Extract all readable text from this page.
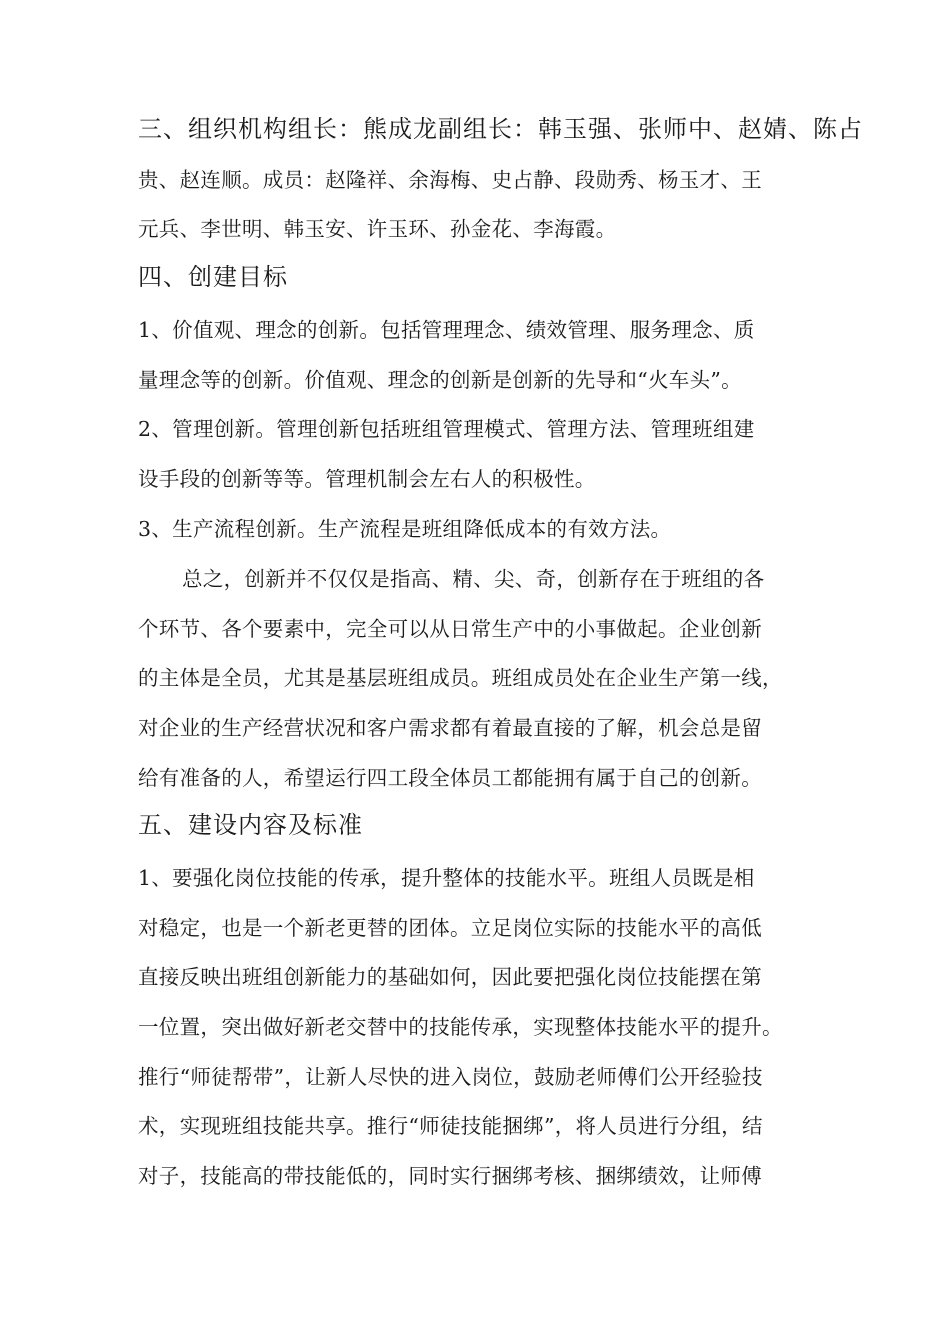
三、组织机构组长：熊成龙副组长：韩玉强、张师中、赵婧、陈占
贵、赵连顺。成员：赵隆祥、余海梅、史占静、段勋秀、杨玉才、王
元兵、李世明、韩玉安、许玉环、孙金花、李海霞。
四、创建目标
1、价值观、理念的创新。包括管理理念、绩效管理、服务理念、质
量理念等的创新。价值观、理念的创新是创新的先导和“火车头”。
2、管理创新。管理创新包括班组管理模式、管理方法、管理班组建
设手段的创新等等。管理机制会左右人的积极性。
3、生产流程创新。生产流程是班组降低成本的有效方法。
总之，创新并不仅仅是指高、精、尖、奇，创新存在于班组的各
个环节、各个要素中，完全可以从日常生产中的小事做起。企业创新
的主体是全员，尤其是基层班组成员。班组成员处在企业生产第一线，
对企业的生产经营状况和客户需求都有着最直接的了解，机会总是留
给有准备的人，希望运行四工段全体员工都能拥有属于自己的创新。
五、建设内容及标准
1、要强化岗位技能的传承，提升整体的技能水平。班组人员既是相
对稳定，也是一个新老更替的团体。立足岗位实际的技能水平的高低
直接反映出班组创新能力的基础如何，因此要把强化岗位技能摆在第
一位置，突出做好新老交替中的技能传承，实现整体技能水平的提升。
推行“师徒帮带”，让新人尽快的进入岗位，鼓励老师傅们公开经验技
术，实现班组技能共享。推行“师徒技能捆绑”，将人员进行分组，结
对子，技能高的带技能低的，同时实行捆绑考核、捆绑绩效，让师傅
